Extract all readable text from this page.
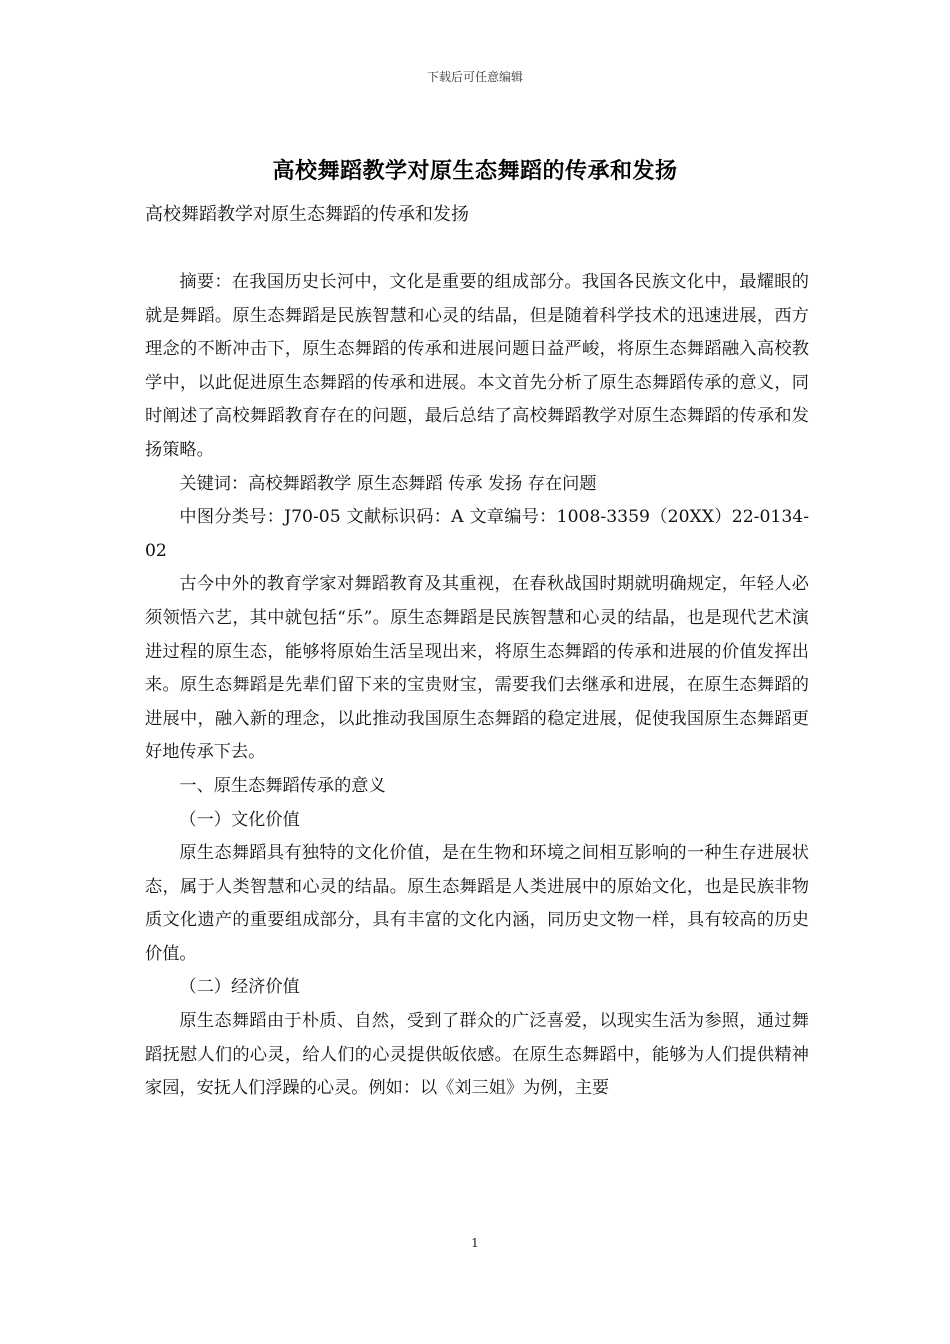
下载后可任意编辑
高校舞蹈教学对原生态舞蹈的传承和发扬
高校舞蹈教学对原生态舞蹈的传承和发扬

摘要：在我国历史长河中，文化是重要的组成部分。我国各民族文化中，最耀眼的就是舞蹈。原生态舞蹈是民族智慧和心灵的结晶，但是随着科学技术的迅速进展，西方理念的不断冲击下，原生态舞蹈的传承和进展问题日益严峻，将原生态舞蹈融入高校教学中，以此促进原生态舞蹈的传承和进展。本文首先分析了原生态舞蹈传承的意义，同时阐述了高校舞蹈教育存在的问题，最后总结了高校舞蹈教学对原生态舞蹈的传承和发扬策略。

关键词：高校舞蹈教学 原生态舞蹈 传承 发扬 存在问题

中图分类号：J70-05 文献标识码：A 文章编号：1008-3359（20XX）22-0134-02

古今中外的教育学家对舞蹈教育及其重视，在春秋战国时期就明确规定，年轻人必须领悟六艺，其中就包括“乐”。原生态舞蹈是民族智慧和心灵的结晶，也是现代艺术演进过程的原生态，能够将原始生活呈现出来，将原生态舞蹈的传承和进展的价值发挥出来。原生态舞蹈是先辈们留下来的宝贵财宝，需要我们去继承和进展，在原生态舞蹈的进展中，融入新的理念，以此推动我国原生态舞蹈的稳定进展，促使我国原生态舞蹈更好地传承下去。

一、原生态舞蹈传承的意义

（一）文化价值

原生态舞蹈具有独特的文化价值，是在生物和环境之间相互影响的一种生存进展状态，属于人类智慧和心灵的结晶。原生态舞蹈是人类进展中的原始文化，也是民族非物质文化遗产的重要组成部分，具有丰富的文化内涵，同历史文物一样，具有较高的历史价值。

（二）经济价值

原生态舞蹈由于朴质、自然，受到了群众的广泛喜爱，以现实生活为参照，通过舞蹈抚慰人们的心灵，给人们的心灵提供皈依感。在原生态舞蹈中，能够为人们提供精神家园，安抚人们浮躁的心灵。例如：以《刘三姐》为例，主要

1
